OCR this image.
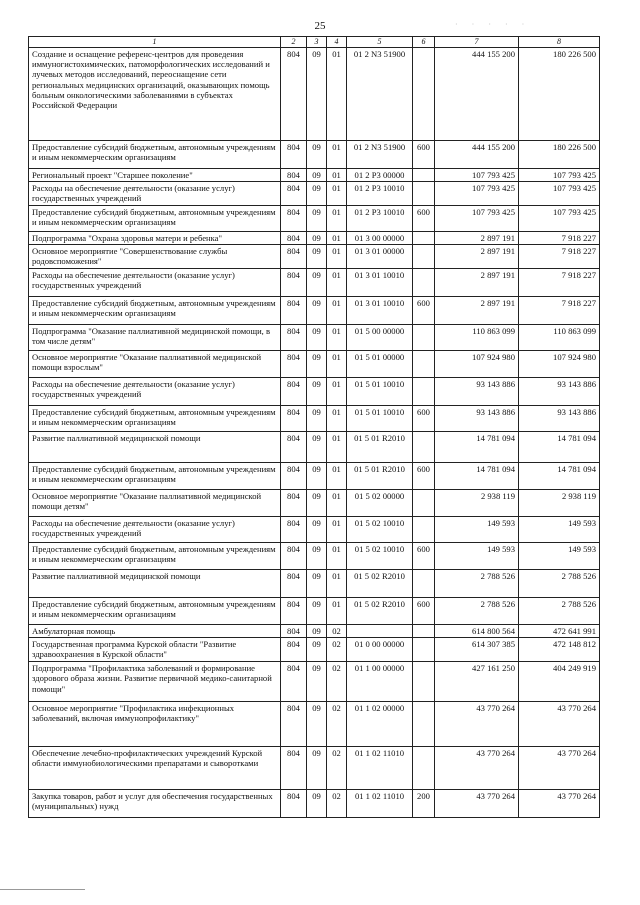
25	· · · · ·
1	2	3	4	5	6	7	8
Создание и оснащение референс-центров для проведения иммуногистохимических, патоморфологических исследований и лучевых методов исследований, переоснащение сети региональных медицинских организаций, оказывающих помощь больным онкологическими заболеваниями в субъектах Российской Федерации	804	09	01	01 2 N3 51900		444 155 200	180 226 500
Предоставление субсидий бюджетным, автономным учреждениям и иным некоммерческим организациям	804	09	01	01 2 N3 51900	600	444 155 200	180 226 500
Региональный проект "Старшее поколение"	804	09	01	01 2 P3 00000		107 793 425	107 793 425
Расходы на обеспечение деятельности (оказание услуг) государственных учреждений	804	09	01	01 2 P3 10010		107 793 425	107 793 425
Предоставление субсидий бюджетным, автономным учреждениям и иным некоммерческим организациям	804	09	01	01 2 P3 10010	600	107 793 425	107 793 425
Подпрограмма "Охрана здоровья матери и ребенка"	804	09	01	01 3 00 00000		2 897 191	7 918 227
Основное мероприятие "Совершенствование службы родовспоможения"	804	09	01	01 3 01 00000		2 897 191	7 918 227
Расходы на обеспечение деятельности (оказание услуг) государственных учреждений	804	09	01	01 3 01 10010		2 897 191	7 918 227
Предоставление субсидий бюджетным, автономным учреждениям и иным некоммерческим организациям	804	09	01	01 3 01 10010	600	2 897 191	7 918 227
Подпрограмма "Оказание паллиативной медицинской помощи, в том числе детям"	804	09	01	01 5 00 00000		110 863 099	110 863 099
Основное мероприятие "Оказание паллиативной медицинской помощи взрослым"	804	09	01	01 5 01 00000		107 924 980	107 924 980
Расходы на обеспечение деятельности (оказание услуг) государственных учреждений	804	09	01	01 5 01 10010		93 143 886	93 143 886
Предоставление субсидий бюджетным, автономным учреждениям и иным некоммерческим организациям	804	09	01	01 5 01 10010	600	93 143 886	93 143 886
Развитие паллиативной медицинской помощи	804	09	01	01 5 01 R2010		14 781 094	14 781 094
Предоставление субсидий бюджетным, автономным учреждениям и иным некоммерческим организациям	804	09	01	01 5 01 R2010	600	14 781 094	14 781 094
Основное мероприятие "Оказание паллиативной медицинской помощи детям"	804	09	01	01 5 02 00000		2 938 119	2 938 119
Расходы на обеспечение деятельности (оказание услуг) государственных учреждений	804	09	01	01 5 02 10010		149 593	149 593
Предоставление субсидий бюджетным, автономным учреждениям и иным некоммерческим организациям	804	09	01	01 5 02 10010	600	149 593	149 593
Развитие паллиативной медицинской помощи	804	09	01	01 5 02 R2010		2 788 526	2 788 526
Предоставление субсидий бюджетным, автономным учреждениям и иным некоммерческим организациям	804	09	01	01 5 02 R2010	600	2 788 526	2 788 526
Амбулаторная помощь	804	09	02			614 800 564	472 641 991
Государственная программа Курской области "Развитие здравоохранения в Курской области"	804	09	02	01 0 00 00000		614 307 385	472 148 812
Подпрограмма "Профилактика заболеваний и формирование здорового образа жизни. Развитие первичной медико-санитарной помощи"	804	09	02	01 1 00 00000		427 161 250	404 249 919
Основное мероприятие "Профилактика инфекционных заболеваний, включая иммунопрофилактику"	804	09	02	01 1 02 00000		43 770 264	43 770 264
Обеспечение лечебно-профилактических учреждений Курской области иммунобиологическими препаратами и сыворотками	804	09	02	01 1 02 11010		43 770 264	43 770 264
Закупка товаров, работ и услуг для обеспечения государственных (муниципальных) нужд	804	09	02	01 1 02 11010	200	43 770 264	43 770 264
